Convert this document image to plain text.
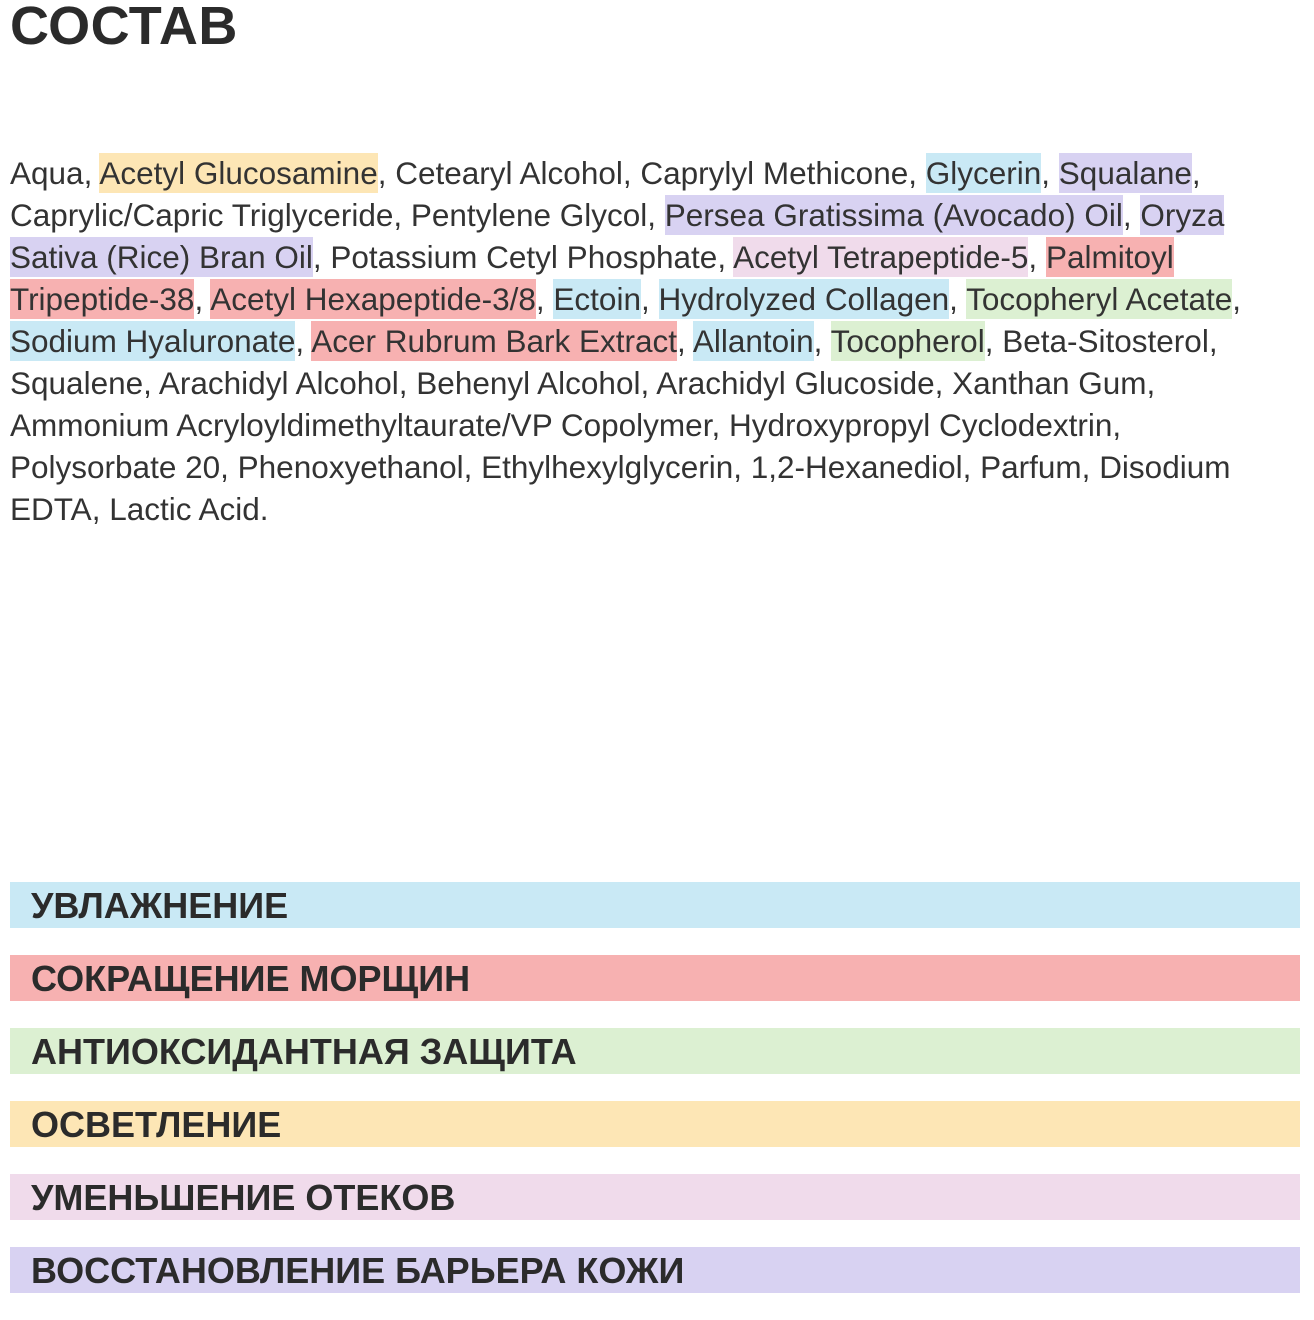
СОСТАВ

Aqua, Acetyl Glucosamine, Cetearyl Alcohol, Caprylyl Methicone, Glycerin, Squalane, Caprylic/Capric Triglyceride, Pentylene Glycol, Persea Gratissima (Avocado) Oil, Oryza Sativa (Rice) Bran Oil, Potassium Cetyl Phosphate, Acetyl Tetrapeptide-5, Palmitoyl Tripeptide-38, Acetyl Hexapeptide-3/8, Ectoin, Hydrolyzed Collagen, Tocopheryl Acetate, Sodium Hyaluronate, Acer Rubrum Bark Extract, Allantoin, Tocopherol, Beta-Sitosterol, Squalene, Arachidyl Alcohol, Behenyl Alcohol, Arachidyl Glucoside, Xanthan Gum, Ammonium Acryloyldimethyltaurate/VP Copolymer, Hydroxypropyl Cyclodextrin, Polysorbate 20, Phenoxyethanol, Ethylhexylglycerin, 1,2-Hexanediol, Parfum, Disodium EDTA, Lactic Acid.

УВЛАЖНЕНИЕ
СОКРАЩЕНИЕ МОРЩИН
АНТИОКСИДАНТНАЯ ЗАЩИТА
ОСВЕТЛЕНИЕ
УМЕНЬШЕНИЕ ОТЕКОВ
ВОССТАНОВЛЕНИЕ БАРЬЕРА КОЖИ
